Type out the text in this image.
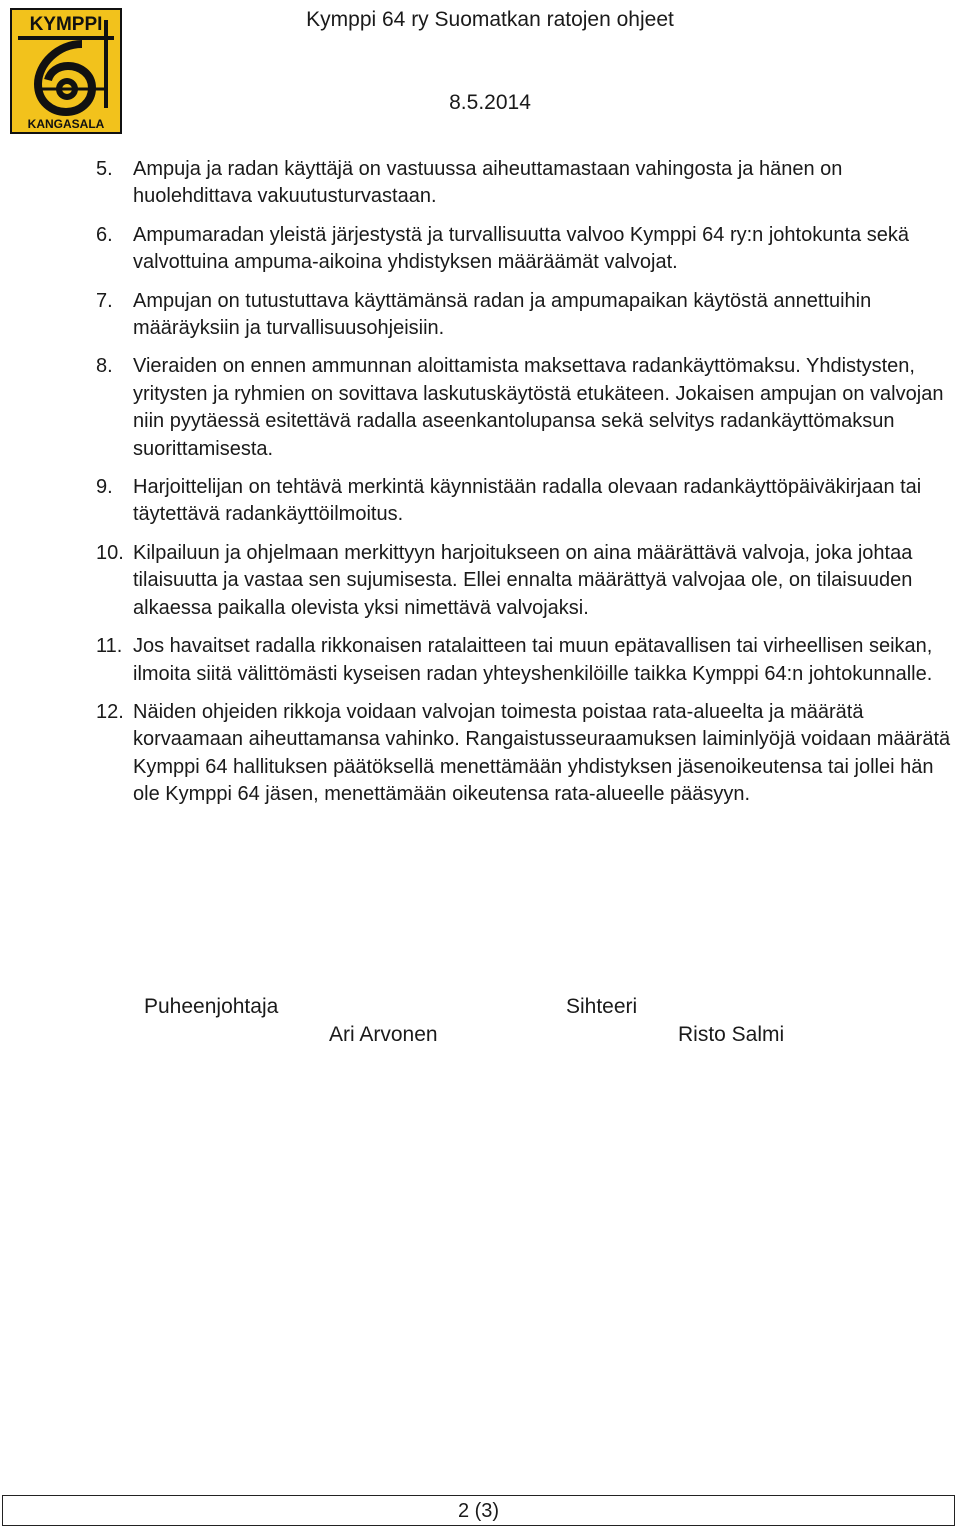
KYMPPI
KANGASALA
Kymppi 64 ry Suomatkan ratojen ohjeet
8.5.2014
5. Ampuja ja radan käyttäjä on vastuussa aiheuttamastaan vahingosta ja hänen on huolehdittava vakuutusturvastaan.
6. Ampumaradan yleistä järjestystä ja turvallisuutta valvoo Kymppi 64 ry:n johtokunta sekä valvottuina ampuma-aikoina yhdistyksen määräämät valvojat.
7. Ampujan on tutustuttava käyttämänsä radan ja ampumapaikan käytöstä annettuihin määräyksiin ja turvallisuusohjeisiin.
8. Vieraiden on ennen ammunnan aloittamista maksettava radankäyttömaksu. Yhdistysten, yritysten ja ryhmien on sovittava laskutuskäytöstä etukäteen. Jokaisen ampujan on valvojan niin pyytäessä esitettävä radalla aseenkantolupansa sekä selvitys radankäyttömaksun suorittamisesta.
9. Harjoittelijan on tehtävä merkintä käynnistään radalla olevaan radankäyttöpäiväkirjaan tai täytettävä radankäyttöilmoitus.
10. Kilpailuun ja ohjelmaan merkittyyn harjoitukseen on aina määrättävä valvoja, joka johtaa tilaisuutta ja vastaa sen sujumisesta. Ellei ennalta määrättyä valvojaa ole, on tilaisuuden alkaessa paikalla olevista yksi nimettävä valvojaksi.
11. Jos havaitset radalla rikkonaisen ratalaitteen tai muun epätavallisen tai virheellisen seikan, ilmoita siitä välittömästi kyseisen radan yhteyshenkilöille taikka Kymppi 64:n johtokunnalle.
12. Näiden ohjeiden rikkoja voidaan valvojan toimesta poistaa rata-alueelta ja määrätä korvaamaan aiheuttamansa vahinko. Rangaistusseuraamuksen laiminlyöjä voidaan määrätä Kymppi 64 hallituksen päätöksellä menettämään yhdistyksen jäsenoikeutensa tai jollei hän ole Kymppi 64 jäsen, menettämään oikeutensa rata-alueelle pääsyyn.
Puheenjohtaja
Ari Arvonen
Sihteeri
Risto Salmi
2 (3)
